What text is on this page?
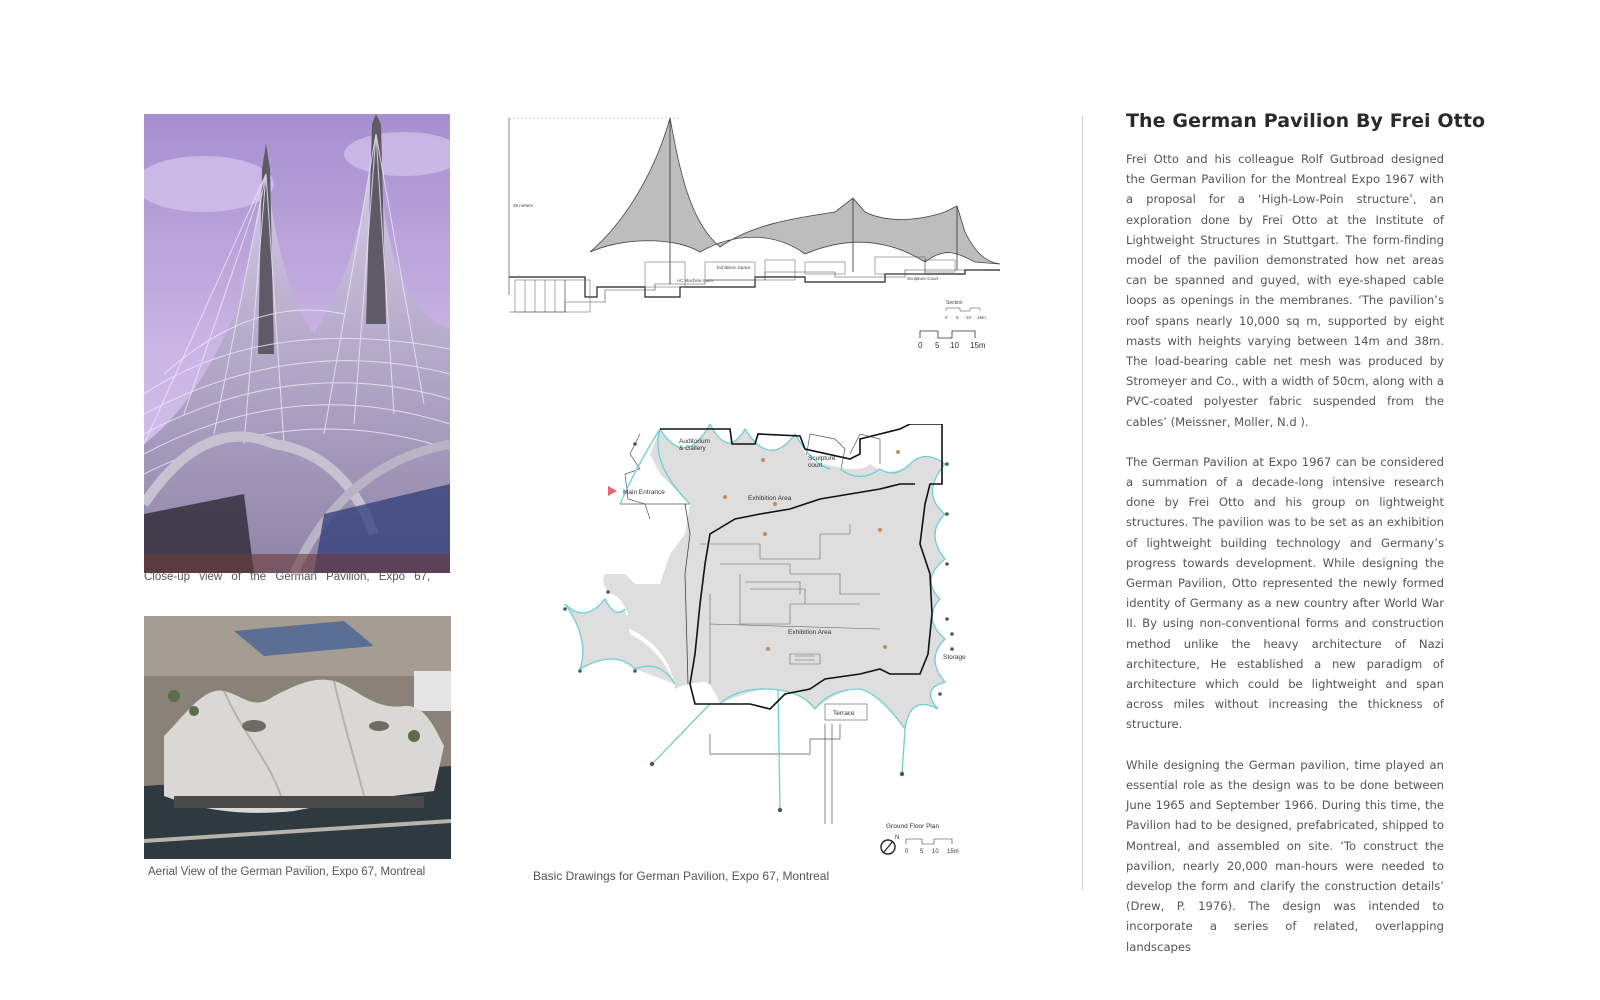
Close-up view of the German Pavilion, Expo 67,
Aerial View of the German Pavilion, Expo 67, Montreal
38 meters
AC Machine room
Exhibition Space
Sculpture Court
Section
0 5 10 15m
0 5 10 15m
Auditorium
& Gallery
Sculpture
court
Main Entrance
Exhibition Area
Exhibition Area
Storage
Terrace
Ground Floor Plan
N
0 5 10 15m
Basic Drawings for German Pavilion, Expo 67, Montreal
The German Pavilion By Frei Otto

Frei Otto and his colleague Rolf Gutbroad designed the German Pavilion for the Montreal Expo 1967 with a proposal for a ‘High-Low-Poin structure’, an exploration done by Frei Otto at the Institute of Lightweight Structures in Stuttgart. The form-finding model of the pavilion demonstrated how net areas can be spanned and guyed, with eye-shaped cable loops as openings in the membranes. ‘The pavilion’s roof spans nearly 10,000 sq m, supported by eight masts with heights varying between 14m and 38m. The load-bearing cable net mesh was produced by Stromeyer and Co., with a width of 50cm, along with a PVC-coated polyester fabric suspended from the cables’ (Meissner, Moller, N.d ).

The German Pavilion at Expo 1967 can be considered a summation of a decade-long intensive research done by Frei Otto and his group on lightweight structures. The pavilion was to be set as an exhibition of lightweight building technology and Germany’s progress towards development. While designing the German Pavilion, Otto represented the newly formed identity of Germany as a new country after World War II. By using non-conventional forms and construction method unlike the heavy architecture of Nazi architecture, He established a new paradigm of architecture which could be lightweight and span across miles without increasing the thickness of structure.

While designing the German pavilion, time played an essential role as the design was to be done between June 1965 and September 1966. During this time, the Pavilion had to be designed, prefabricated, shipped to Montreal, and assembled on site. ‘To construct the pavilion, nearly 20,000 man-hours were needed to develop the form and clarify the construction details’ (Drew, P. 1976). The design was intended to incorporate a series of related, overlapping landscapes
